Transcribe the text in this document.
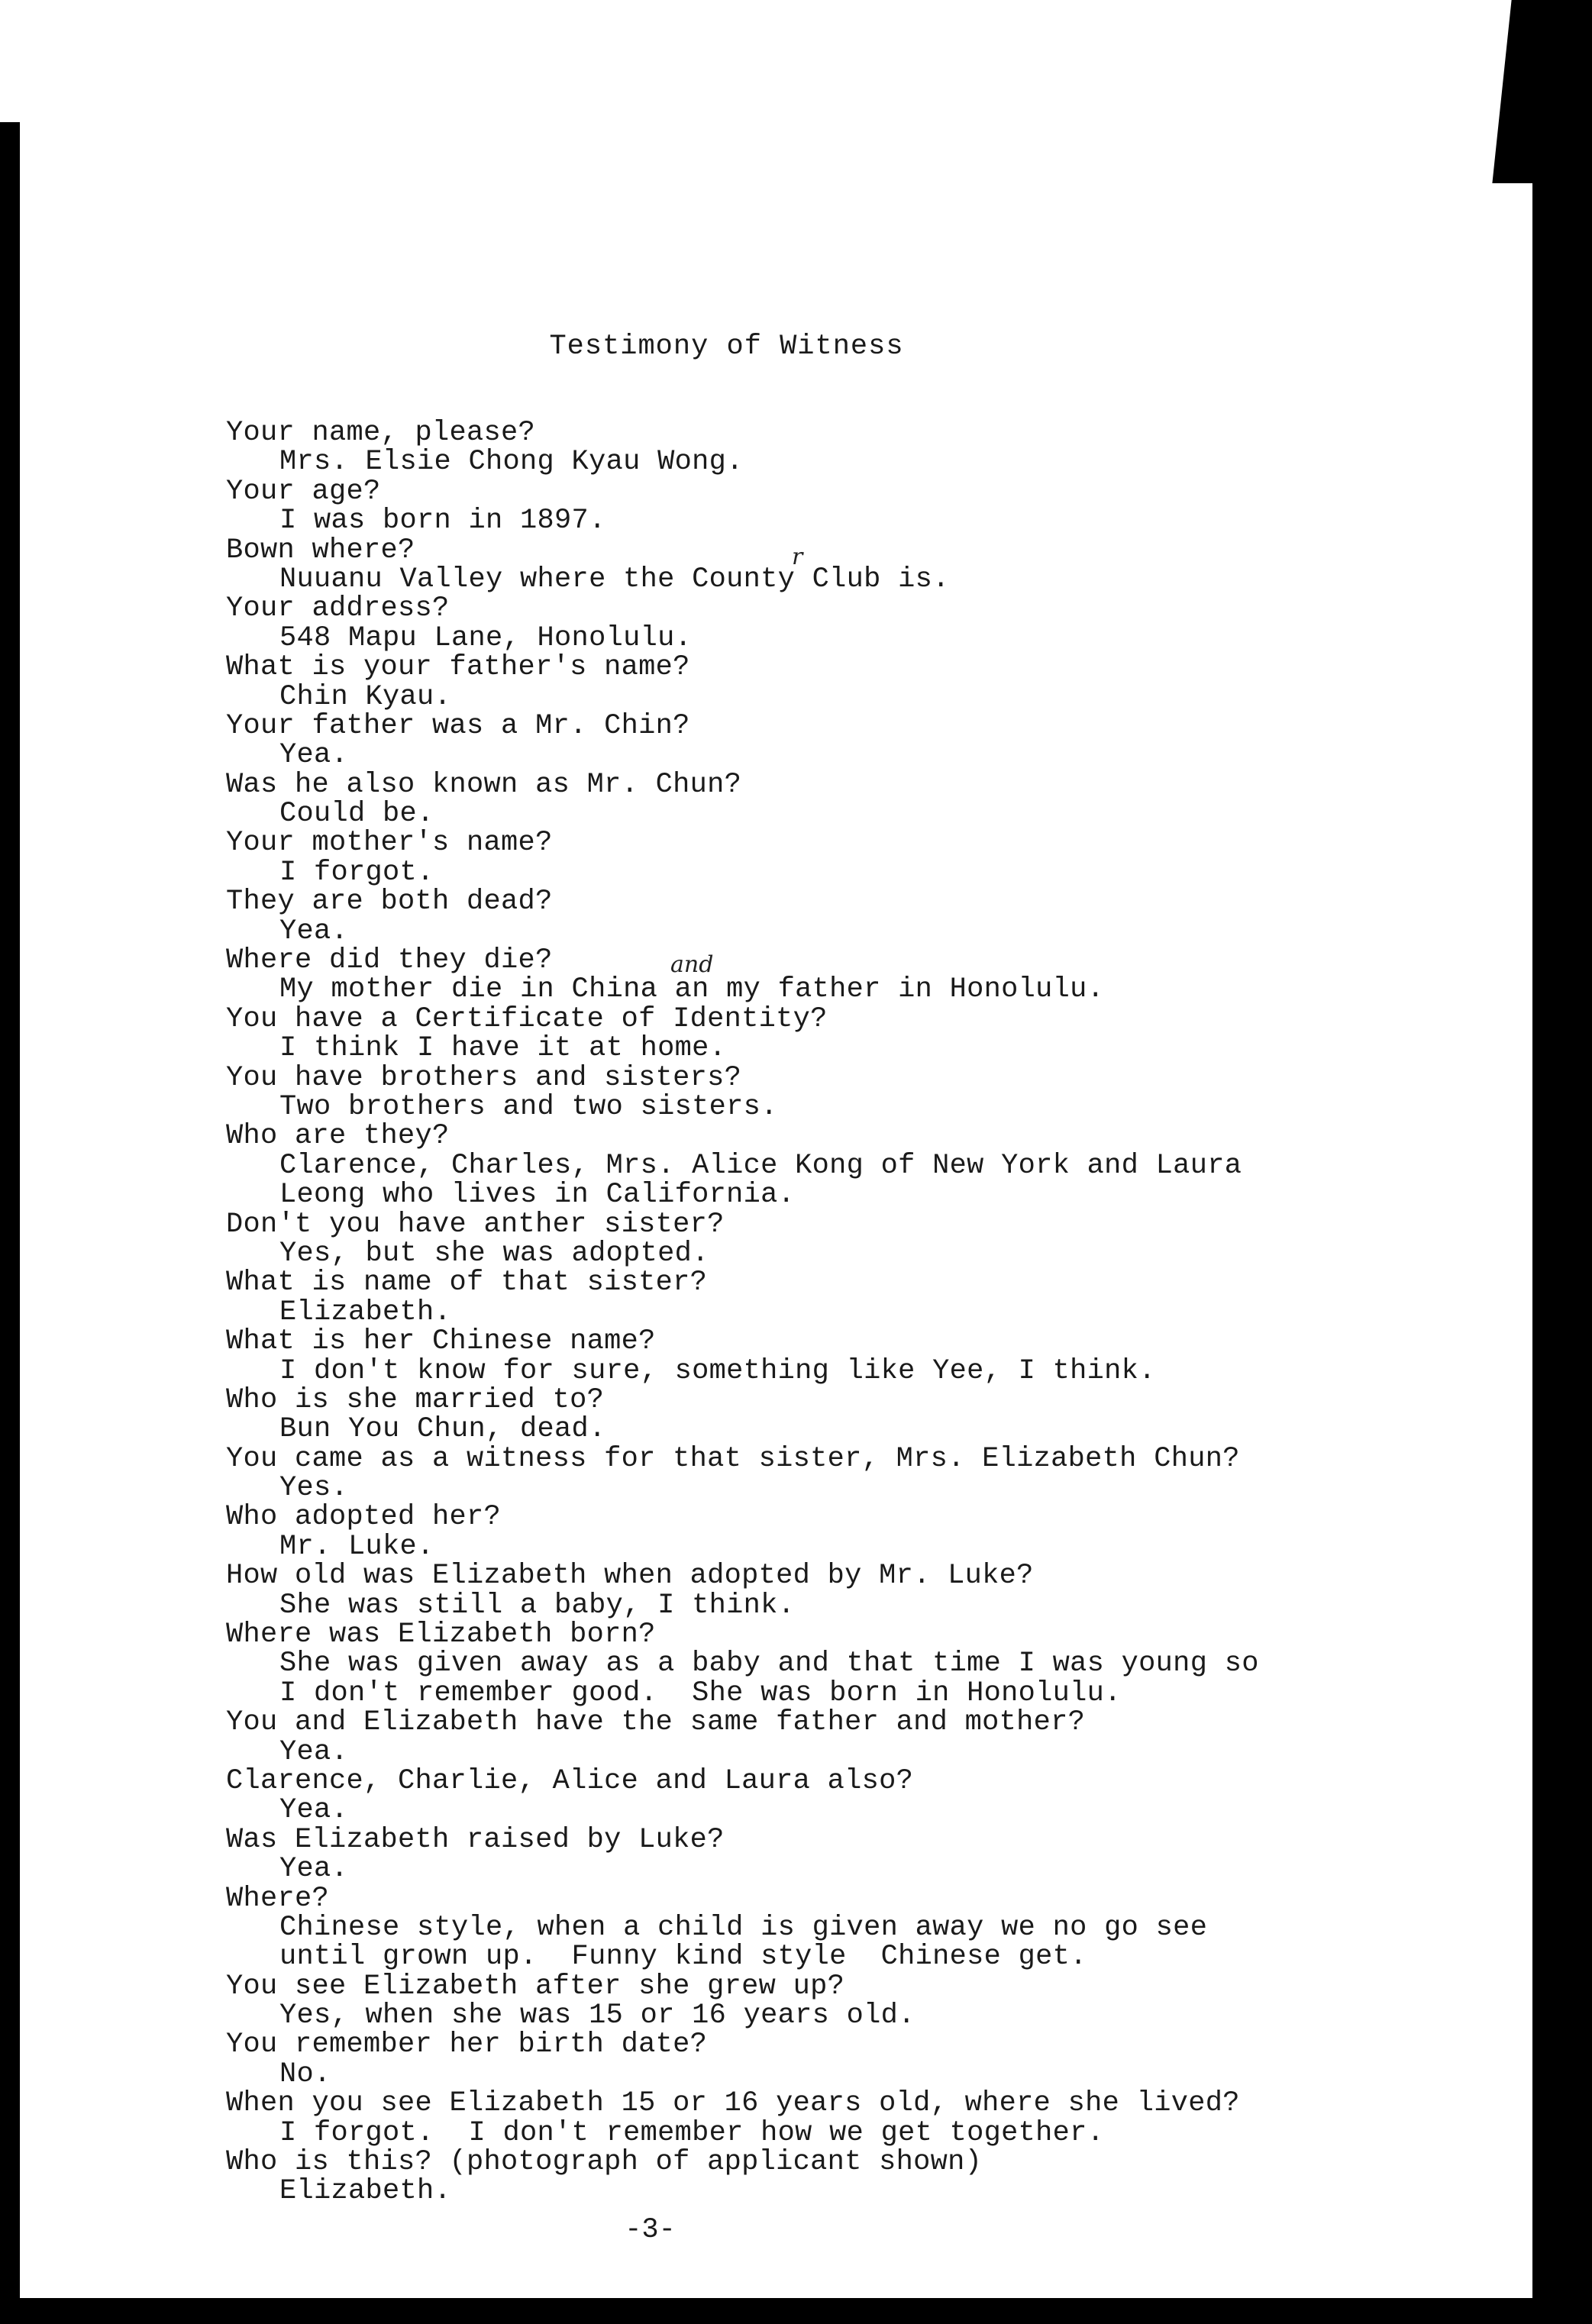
Testimony of Witness
Your name, please?
Mrs. Elsie Chong Kyau Wong.
Your age?
I was born in 1897.
Bown where?
Nuuanu Valley where the County Club is.
Your address?
548 Mapu Lane, Honolulu.
What is your father's name?
Chin Kyau.
Your father was a Mr. Chin?
Yea.
Was he also known as Mr. Chun?
Could be.
Your mother's name?
I forgot.
They are both dead?
Yea.
Where did they die?
My mother die in China an my father in Honolulu.
You have a Certificate of Identity?
I think I have it at home.
You have brothers and sisters?
Two brothers and two sisters.
Who are they?
Clarence, Charles, Mrs. Alice Kong of New York and Laura
Leong who lives in California.
Don't you have anther sister?
Yes, but she was adopted.
What is name of that sister?
Elizabeth.
What is her Chinese name?
I don't know for sure, something like Yee, I think.
Who is she married to?
Bun You Chun, dead.
You came as a witness for that sister, Mrs. Elizabeth Chun?
Yes.
Who adopted her?
Mr. Luke.
How old was Elizabeth when adopted by Mr. Luke?
She was still a baby, I think.
Where was Elizabeth born?
She was given away as a baby and that time I was young so
I don't remember good.  She was born in Honolulu.
You and Elizabeth have the same father and mother?
Yea.
Clarence, Charlie, Alice and Laura also?
Yea.
Was Elizabeth raised by Luke?
Yea.
Where?
Chinese style, when a child is given away we no go see
until grown up.  Funny kind style  Chinese get.
You see Elizabeth after she grew up?
Yes, when she was 15 or 16 years old.
You remember her birth date?
No.
When you see Elizabeth 15 or 16 years old, where she lived?
I forgot.  I don't remember how we get together.
Who is this? (photograph of applicant shown)
Elizabeth.
r
and
-3-
